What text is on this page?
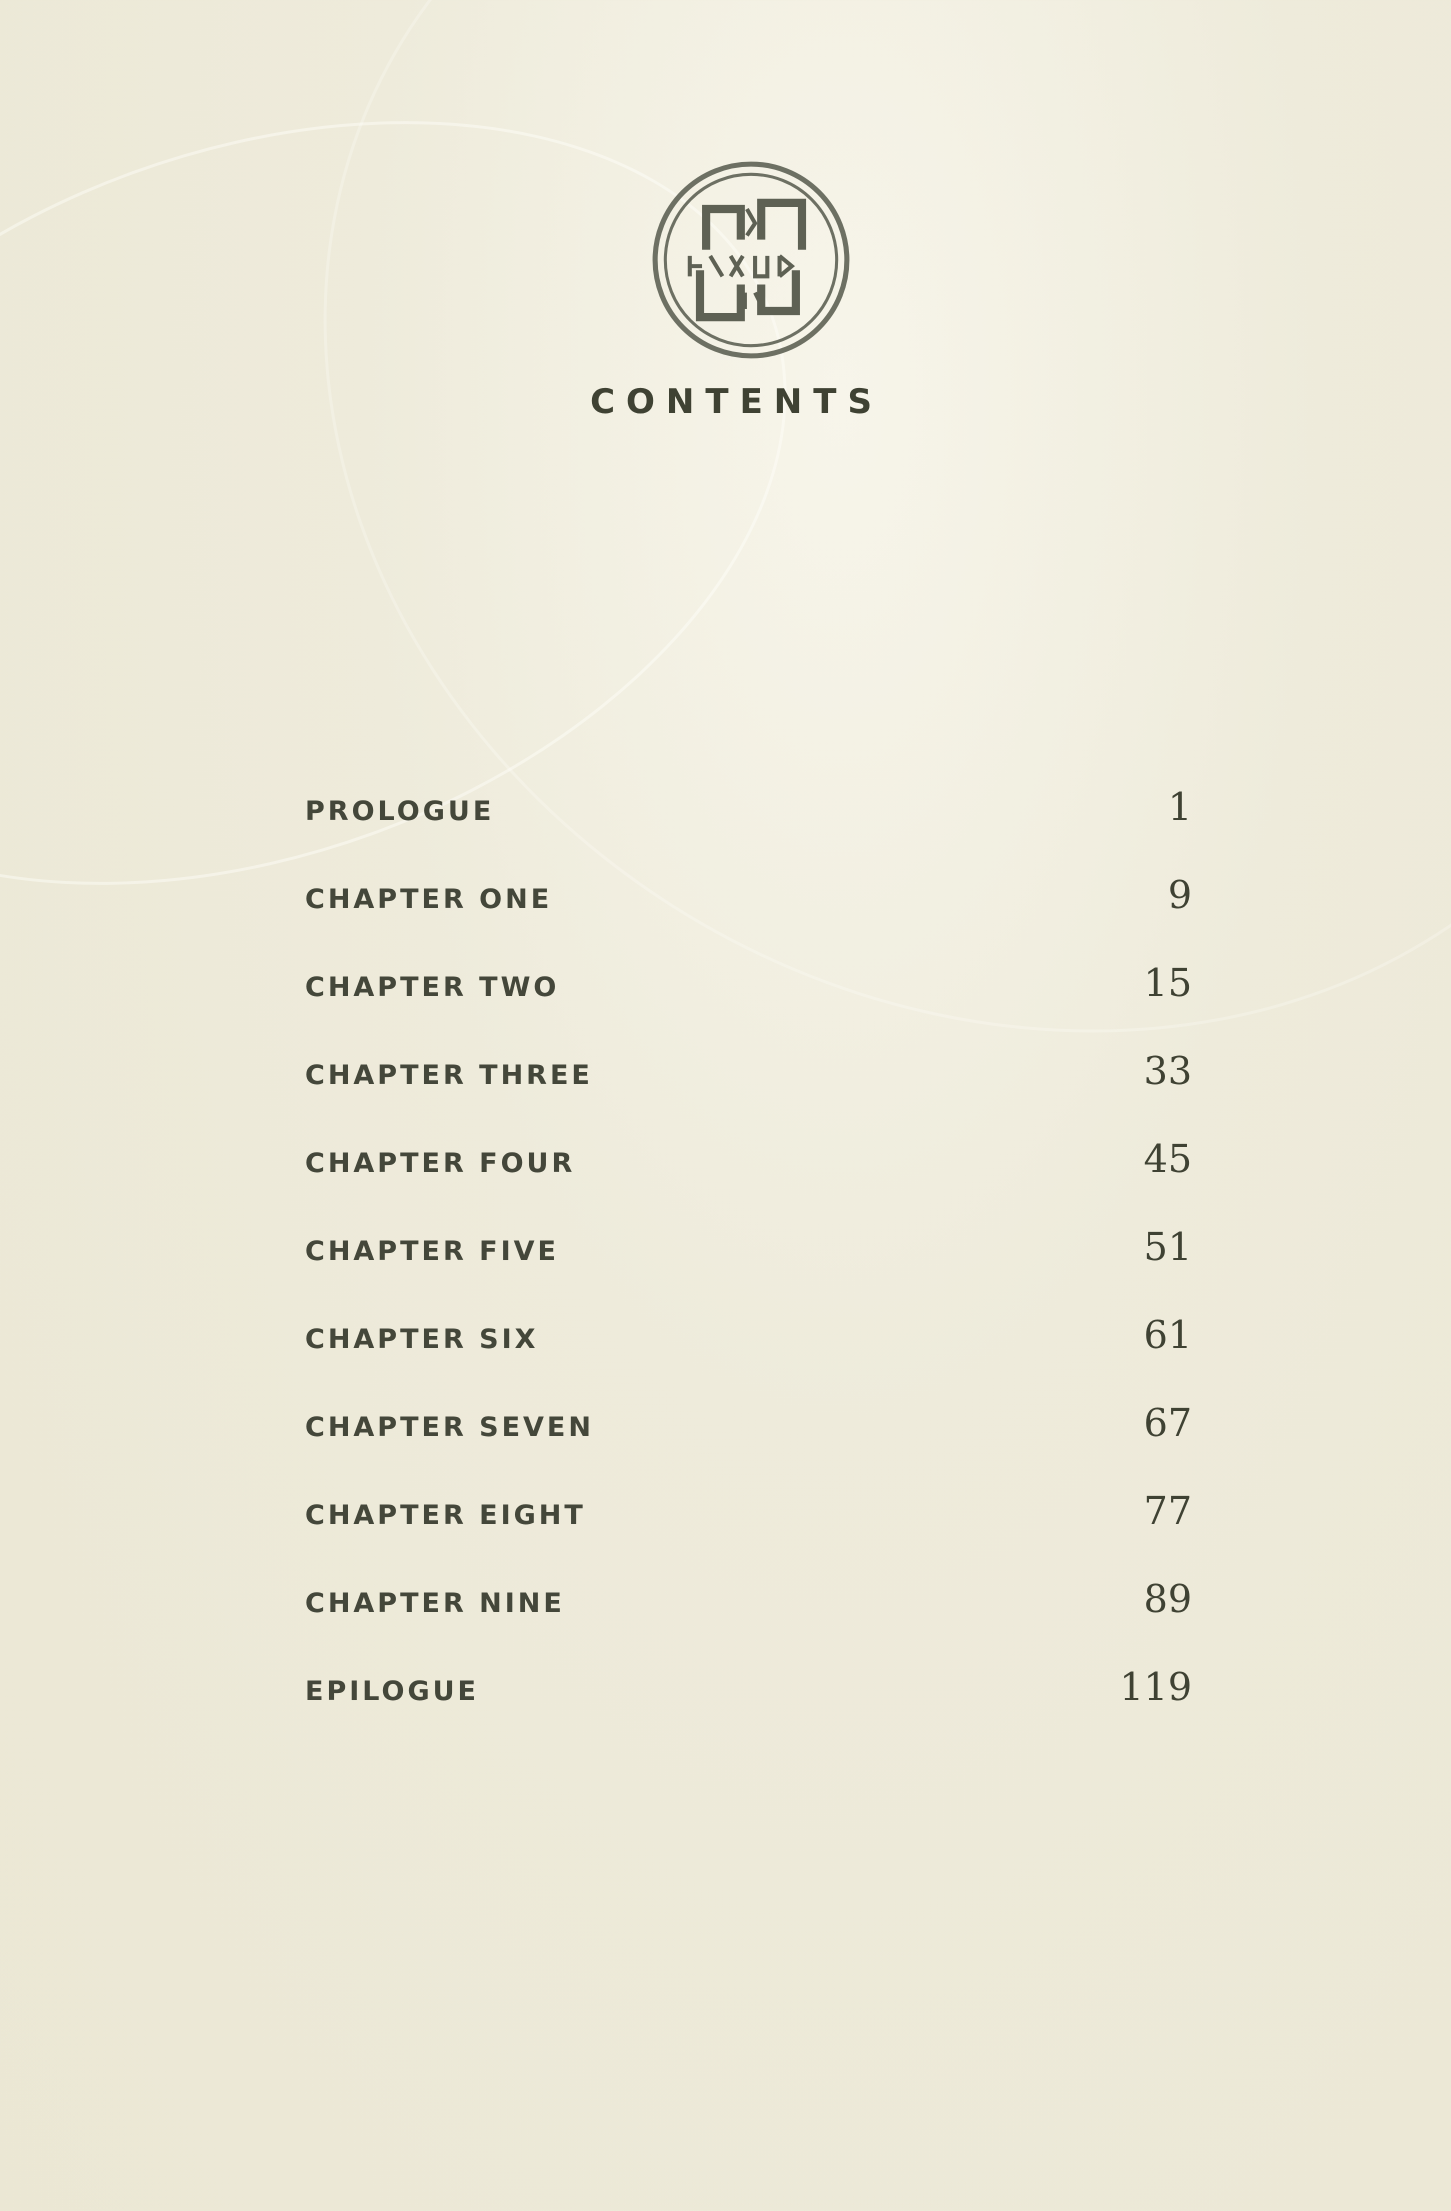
CONTENTS
PROLOGUE	1
CHAPTER ONE	9
CHAPTER TWO	15
CHAPTER THREE	33
CHAPTER FOUR	45
CHAPTER FIVE	51
CHAPTER SIX	61
CHAPTER SEVEN	67
CHAPTER EIGHT	77
CHAPTER NINE	89
EPILOGUE	119
